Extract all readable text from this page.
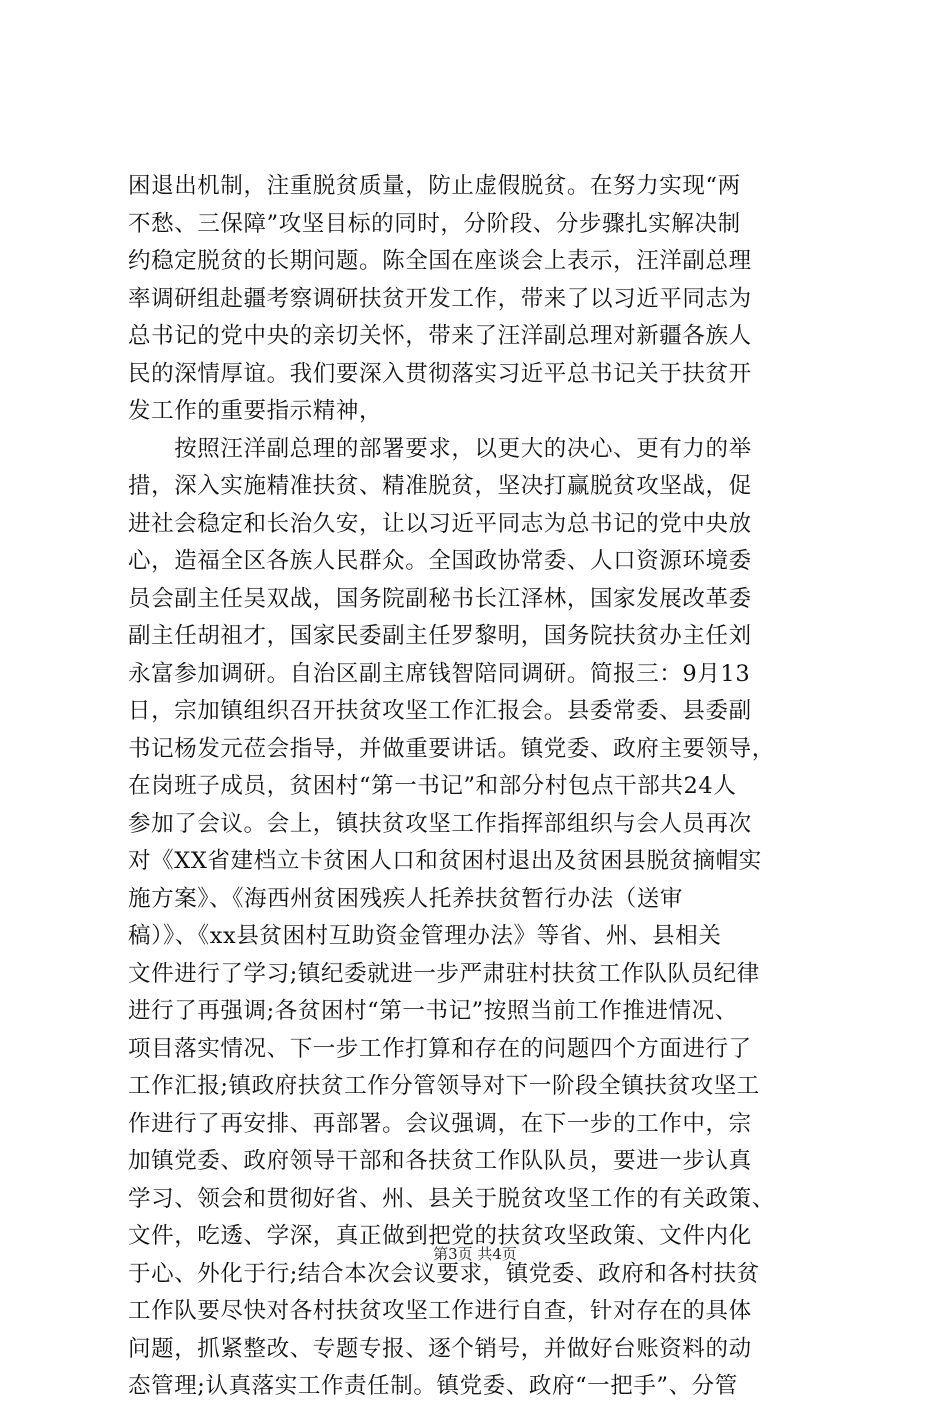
困退出机制，注重脱贫质量，防止虚假脱贫。在努力实现“两
不愁、三保障”攻坚目标的同时，分阶段、分步骤扎实解决制
约稳定脱贫的长期问题。陈全国在座谈会上表示，汪洋副总理
率调研组赴疆考察调研扶贫开发工作，带来了以习近平同志为
总书记的党中央的亲切关怀，带来了汪洋副总理对新疆各族人
民的深情厚谊。我们要深入贯彻落实习近平总书记关于扶贫开
发工作的重要指示精神，
　　按照汪洋副总理的部署要求，以更大的决心、更有力的举
措，深入实施精准扶贫、精准脱贫，坚决打赢脱贫攻坚战，促
进社会稳定和长治久安，让以习近平同志为总书记的党中央放
心，造福全区各族人民群众。全国政协常委、人口资源环境委
员会副主任吴双战，国务院副秘书长江泽林，国家发展改革委
副主任胡祖才，国家民委副主任罗黎明，国务院扶贫办主任刘
永富参加调研。自治区副主席钱智陪同调研。简报三：9月13
日，宗加镇组织召开扶贫攻坚工作汇报会。县委常委、县委副
书记杨发元莅会指导，并做重要讲话。镇党委、政府主要领导，
在岗班子成员，贫困村“第一书记”和部分村包点干部共24人
参加了会议。会上，镇扶贫攻坚工作指挥部组织与会人员再次
对《XX省建档立卡贫困人口和贫困村退出及贫困县脱贫摘帽实
施方案》、《海西州贫困残疾人托养扶贫暂行办法（送审
稿）》、《xx县贫困村互助资金管理办法》等省、州、县相关
文件进行了学习;镇纪委就进一步严肃驻村扶贫工作队队员纪律
进行了再强调;各贫困村“第一书记”按照当前工作推进情况、
项目落实情况、下一步工作打算和存在的问题四个方面进行了
工作汇报;镇政府扶贫工作分管领导对下一阶段全镇扶贫攻坚工
作进行了再安排、再部署。会议强调，在下一步的工作中，宗
加镇党委、政府领导干部和各扶贫工作队队员，要进一步认真
学习、领会和贯彻好省、州、县关于脱贫攻坚工作的有关政策、
文件，吃透、学深，真正做到把党的扶贫攻坚政策、文件内化
于心、外化于行;结合本次会议要求，镇党委、政府和各村扶贫
工作队要尽快对各村扶贫攻坚工作进行自查，针对存在的具体
问题，抓紧整改、专题专报、逐个销号，并做好台账资料的动
态管理;认真落实工作责任制。镇党委、政府“一把手”、分管
第3页 共4页
